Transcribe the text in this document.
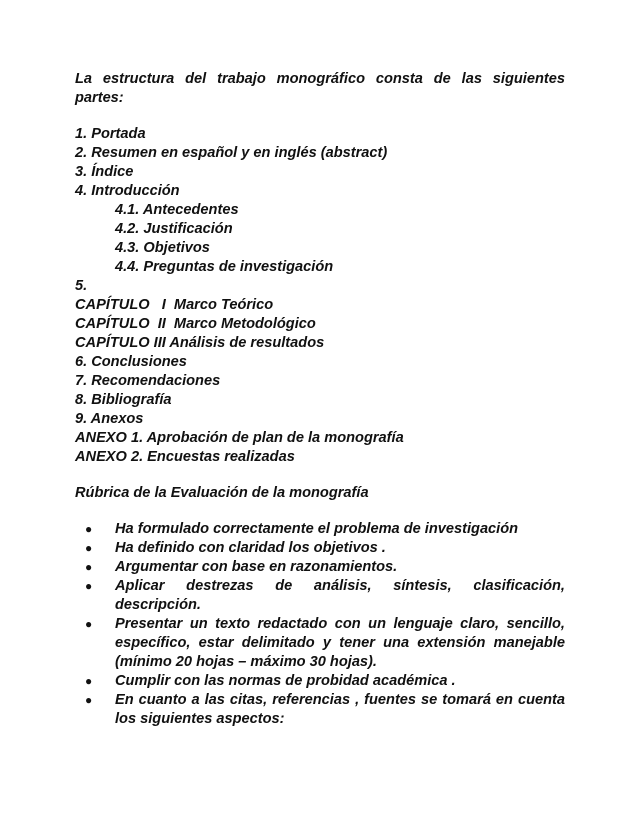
La estructura del trabajo monográfico consta de las siguientes
partes:
1. Portada
2. Resumen en español y en inglés (abstract)
3. Índice
4. Introducción
4.1. Antecedentes
4.2. Justificación
4.3. Objetivos
4.4. Preguntas de investigación
5.
CAPÍTULO   I  Marco Teórico
CAPÍTULO  II  Marco Metodológico
CAPÍTULO III Análisis de resultados
6. Conclusiones
7. Recomendaciones
8. Bibliografía
9. Anexos
ANEXO 1. Aprobación de plan de la monografía
ANEXO 2. Encuestas realizadas
Rúbrica de la Evaluación de la monografía
● Ha formulado correctamente el problema de investigación
● Ha definido con claridad los objetivos .
● Argumentar con base en razonamientos.
● Aplicar destrezas de análisis, síntesis, clasificación,
descripción.
● Presentar un texto redactado con un lenguaje claro, sencillo,
específico, estar delimitado y tener una extensión manejable
(mínimo 20 hojas – máximo 30 hojas).
● Cumplir con las normas de probidad académica .
● En cuanto a las citas, referencias , fuentes se tomará en cuenta
los siguientes aspectos:
